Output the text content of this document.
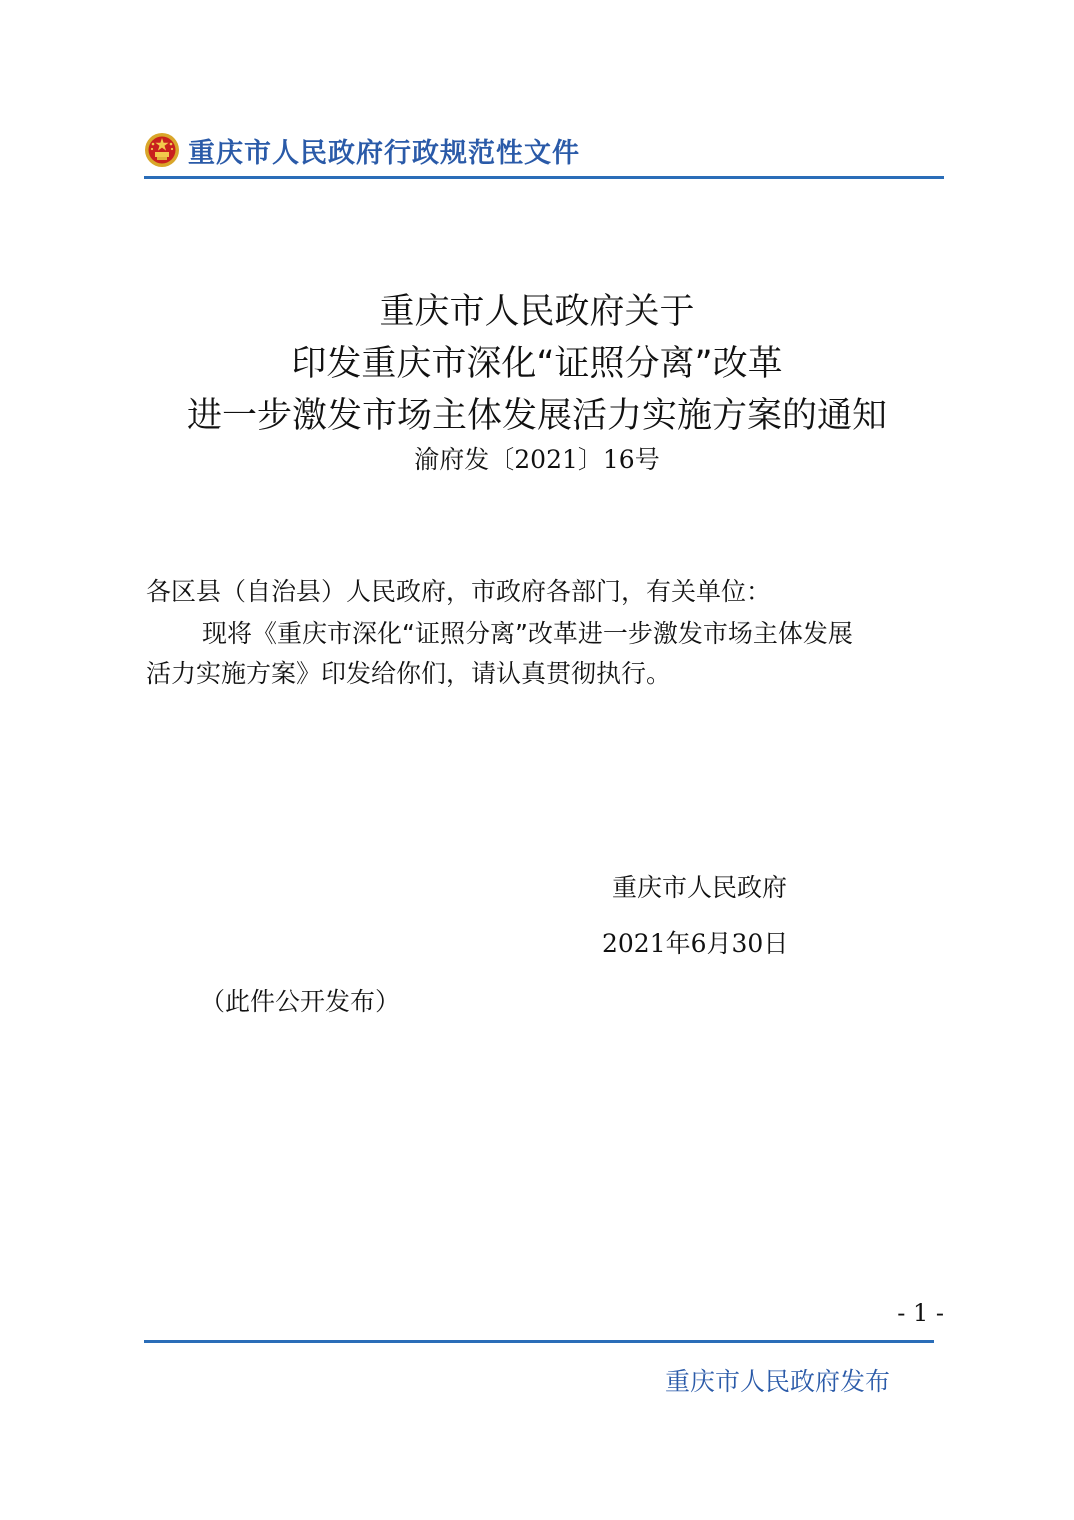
重庆市人民政府行政规范性文件
重庆市人民政府关于
印发重庆市深化“证照分离”改革
进一步激发市场主体发展活力实施方案的通知
渝府发〔2021〕16号
各区县（自治县）人民政府，市政府各部门，有关单位：
现将《重庆市深化“证照分离”改革进一步激发市场主体发展
活力实施方案》印发给你们，请认真贯彻执行。
重庆市人民政府
2021年6月30日
（此件公开发布）
- 1 -
重庆市人民政府发布
